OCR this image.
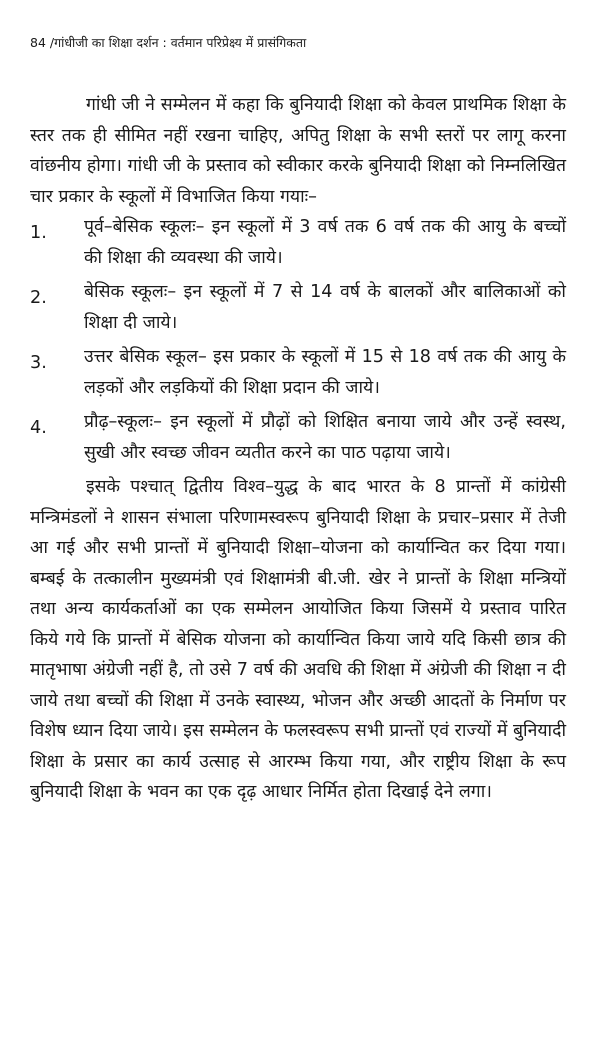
84 /गांधीजी का शिक्षा दर्शन : वर्तमान परिप्रेक्ष्य में प्रासंगिकता

गांधी जी ने सम्मेलन में कहा कि बुनियादी शिक्षा को केवल प्राथमिक शिक्षा के स्तर तक ही सीमित नहीं रखना चाहिए, अपितु शिक्षा के सभी स्तरों पर लागू करना वांछनीय होगा। गांधी जी के प्रस्ताव को स्वीकार करके बुनियादी शिक्षा को निम्नलिखित चार प्रकार के स्कूलों में विभाजित किया गयाः–

1.	पूर्व–बेसिक स्कूलः– इन स्कूलों में 3 वर्ष तक 6 वर्ष तक की आयु के बच्चों की शिक्षा की व्यवस्था की जाये।
2.	बेसिक स्कूलः– इन स्कूलों में 7 से 14 वर्ष के बालकों और बालिकाओं को शिक्षा दी जाये।
3.	उत्तर बेसिक स्कूल– इस प्रकार के स्कूलों में 15 से 18 वर्ष तक की आयु के लड़कों और लड़कियों की शिक्षा प्रदान की जाये।
4.	प्रौढ़–स्कूलः– इन स्कूलों में प्रौढ़ों को शिक्षित बनाया जाये और उन्हें स्वस्थ, सुखी और स्वच्छ जीवन व्यतीत करने का पाठ पढ़ाया जाये।

इसके पश्चात् द्वितीय विश्व–युद्ध के बाद भारत के 8 प्रान्तों में कांग्रेसी मन्त्रिमंडलों ने शासन संभाला परिणामस्वरूप बुनियादी शिक्षा के प्रचार–प्रसार में तेजी आ गई और सभी प्रान्तों में बुनियादी शिक्षा–योजना को कार्यान्वित कर दिया गया। बम्बई के तत्कालीन मुख्यमंत्री एवं शिक्षामंत्री बी.जी. खेर ने प्रान्तों के शिक्षा मन्त्रियों तथा अन्य कार्यकर्ताओं का एक सम्मेलन आयोजित किया जिसमें ये प्रस्ताव पारित किये गये कि प्रान्तों में बेसिक योजना को कार्यान्वित किया जाये यदि किसी छात्र की मातृभाषा अंग्रेजी नहीं है, तो उसे 7 वर्ष की अवधि की शिक्षा में अंग्रेजी की शिक्षा न दी जाये तथा बच्चों की शिक्षा में उनके स्वास्थ्य, भोजन और अच्छी आदतों के निर्माण पर विशेष ध्यान दिया जाये। इस सम्मेलन के फलस्वरूप सभी प्रान्तों एवं राज्यों में बुनियादी शिक्षा के प्रसार का कार्य उत्साह से आरम्भ किया गया, और राष्ट्रीय शिक्षा के रूप बुनियादी शिक्षा के भवन का एक दृढ़ आधार निर्मित होता दिखाई देने लगा।
